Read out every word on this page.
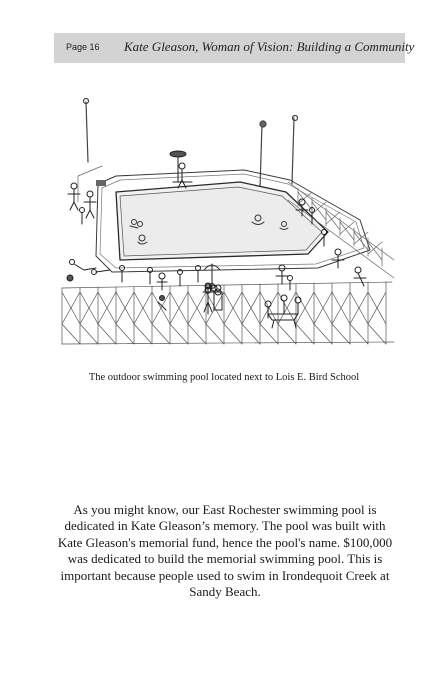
Page 16 Kate Gleason, Woman of Vision: Building a Community
The outdoor swimming pool located next to Lois E. Bird School
As you might know, our East Rochester swimming pool is dedicated in Kate Gleason’s memory. The pool was built with Kate Gleason's memorial fund, hence the pool's name. $100,000 was dedicated to build the memorial swimming pool. This is important because people used to swim in Irondequoit Creek at Sandy Beach.
